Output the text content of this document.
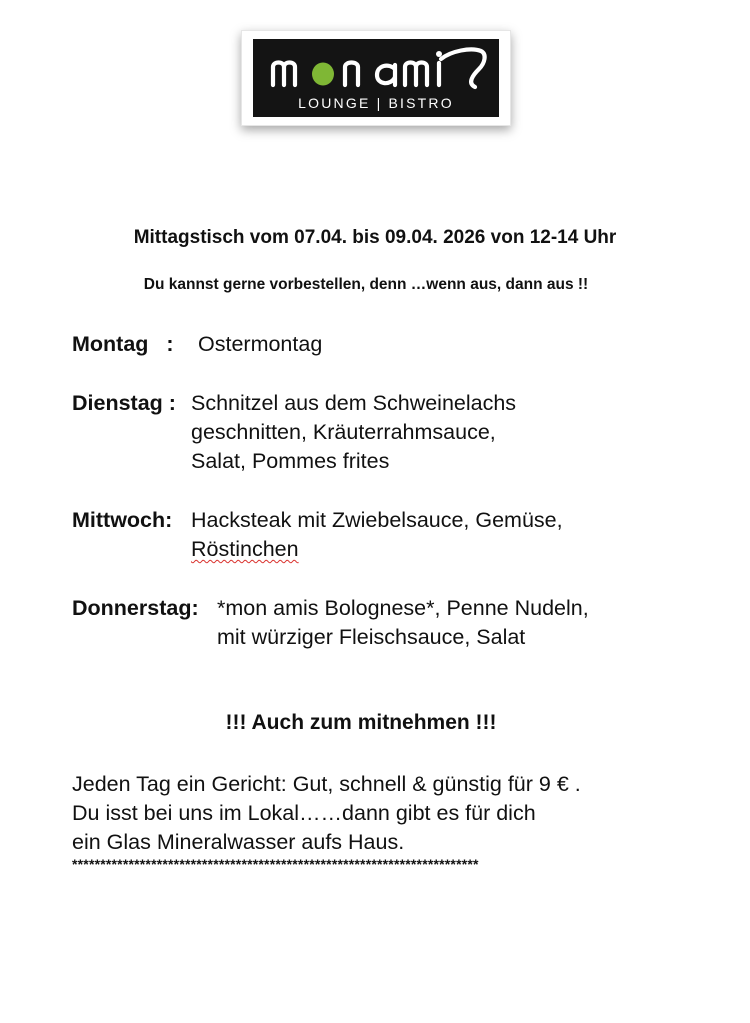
LOUNGE | BISTRO
Mittagstisch vom 07.04. bis 09.04. 2026 von 12-14 Uhr
Du kannst gerne vorbestellen, denn …wenn aus, dann aus !!
Montag   : Ostermontag
Dienstag : Schnitzel aus dem Schweinelachs
geschnitten, Kräuterrahmsauce,
Salat, Pommes frites
Mittwoch: Hacksteak mit Zwiebelsauce, Gemüse,
Röstinchen
Donnerstag: *mon amis Bolognese*, Penne Nudeln,
mit würziger Fleischsauce, Salat
!!! Auch zum mitnehmen !!!
Jeden Tag ein Gericht: Gut, schnell & günstig für 9 € .
Du isst bei uns im Lokal……dann gibt es für dich
ein Glas Mineralwasser aufs Haus.
************************************************************************
